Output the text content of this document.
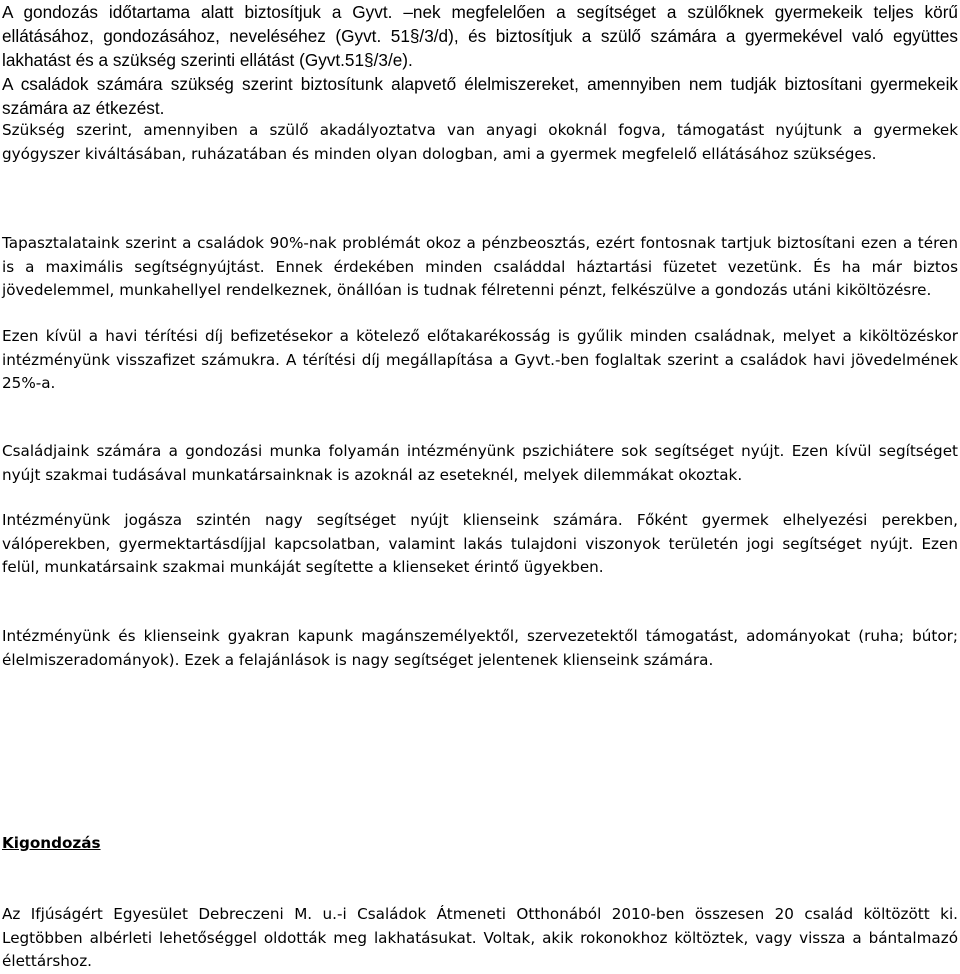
A gondozás időtartama alatt biztosítjuk a Gyvt. –nek megfelelően a segítséget a szülőknek gyermekeik teljes körű ellátásához, gondozásához, neveléséhez (Gyvt. 51§/3/d), és biztosítjuk a szülő számára a gyermekével való együttes lakhatást és a szükség szerinti ellátást (Gyvt.51§/3/e).

A családok számára szükség szerint biztosítunk alapvető élelmiszereket, amennyiben nem tudják biztosítani gyermekeik számára az étkezést.

Szükség szerint, amennyiben a szülő akadályoztatva van anyagi okoknál fogva, támogatást nyújtunk a gyermekek gyógyszer kiváltásában, ruházatában és minden olyan dologban, ami a gyermek megfelelő ellátásához szükséges.

Tapasztalataink szerint a családok 90%-nak problémát okoz a pénzbeosztás, ezért fontosnak tartjuk biztosítani ezen a téren is a maximális segítségnyújtást. Ennek érdekében minden családdal háztartási füzetet vezetünk. És ha már biztos jövedelemmel, munkahellyel rendelkeznek, önállóan is tudnak félretenni pénzt, felkészülve a gondozás utáni kiköltözésre.

Ezen kívül a havi térítési díj befizetésekor a kötelező előtakarékosság is gyűlik minden családnak, melyet a kiköltözéskor intézményünk visszafizet számukra. A térítési díj megállapítása a Gyvt.-ben foglaltak szerint a családok havi jövedelmének 25%-a.

Családjaink számára a gondozási munka folyamán intézményünk pszichiátere sok segítséget nyújt. Ezen kívül segítséget nyújt szakmai tudásával munkatársainknak is azoknál az eseteknél, melyek dilemmákat okoztak.

Intézményünk jogásza szintén nagy segítséget nyújt klienseink számára. Főként gyermek elhelyezési perekben, válóperekben, gyermektartásdíjjal kapcsolatban, valamint lakás tulajdoni viszonyok területén jogi segítséget nyújt. Ezen felül, munkatársaink szakmai munkáját segítette a klienseket érintő ügyekben.

Intézményünk és klienseink gyakran kapunk magánszemélyektől, szervezetektől támogatást, adományokat (ruha; bútor; élelmiszeradományok). Ezek a felajánlások is nagy segítséget jelentenek klienseink számára.

Kigondozás

Az Ifjúságért Egyesület Debreczeni M. u.-i Családok Átmeneti Otthonából 2010-ben összesen 20 család költözött ki. Legtöbben albérleti lehetőséggel oldották meg lakhatásukat. Voltak, akik rokonokhoz költöztek, vagy vissza a bántalmazó élettárshoz.
